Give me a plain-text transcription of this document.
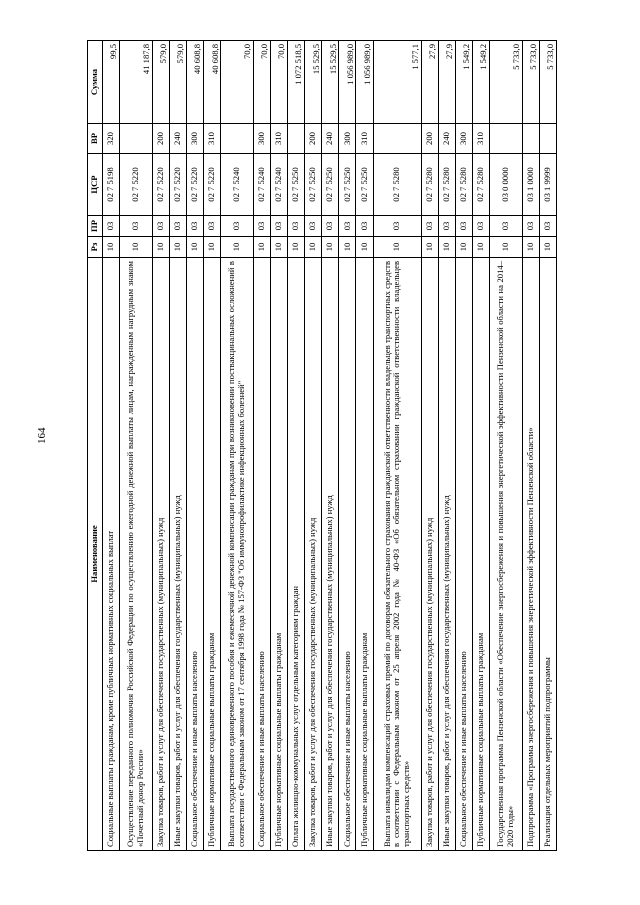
164
Наименование	Рз	ПР	ЦСР	ВР	Сумма
Социальные выплаты гражданам, кроме публичных нормативных социальных выплат	10	03	02 7 5198	320	99,5
Осуществление переданного полномочия Российской Федерации по осуществлению ежегодной денежной выплаты лицам, награжденным нагрудным знаком «Почетный донор России»	10	03	02 7 5220		41 187,8
Закупка товаров, работ и услуг для обеспечения государственных (муниципальных) нужд	10	03	02 7 5220	200	579,0
Иные закупки товаров, работ и услуг для обеспечения государственных (муниципальных) нужд	10	03	02 7 5220	240	579,0
Социальное обеспечение и иные выплаты населению	10	03	02 7 5220	300	40 608,8
Публичные нормативные социальные выплаты гражданам	10	03	02 7 5220	310	40 608,8
Выплата государственного единовременного пособия и ежемесячной денежной компенсации гражданам при возникновении поствакцинальных осложнений в соответствии с Федеральным законом от 17 сентября 1998 года № 157-ФЗ "Об иммунопрофилактике инфекционных болезней"	10	03	02 7 5240		70,0
Социальное обеспечение и иные выплаты населению	10	03	02 7 5240	300	70,0
Публичные нормативные социальные выплаты гражданам	10	03	02 7 5240	310	70,0
Оплата жилищно-коммунальных услуг отдельным категориям граждан	10	03	02 7 5250		1 072 518,5
Закупка товаров, работ и услуг для обеспечения государственных (муниципальных) нужд	10	03	02 7 5250	200	15 529,5
Иные закупки товаров, работ и услуг для обеспечения государственных (муниципальных) нужд	10	03	02 7 5250	240	15 529,5
Социальное обеспечение и иные выплаты населению	10	03	02 7 5250	300	1 056 989,0
Публичные нормативные социальные выплаты гражданам	10	03	02 7 5250	310	1 056 989,0
Выплата инвалидам компенсаций страховых премий по договорам обязательного страхования гражданской ответственности владельцев транспортных средств в соответствии с Федеральным законом от 25 апреля 2002 года № 40-ФЗ «Об обязательном страховании гражданской ответственности владельцев транспортных средств»	10	03	02 7 5280		1 577,1
Закупка товаров, работ и услуг для обеспечения государственных (муниципальных) нужд	10	03	02 7 5280	200	27,9
Иные закупки товаров, работ и услуг для обеспечения государственных (муниципальных) нужд	10	03	02 7 5280	240	27,9
Социальное обеспечение и иные выплаты населению	10	03	02 7 5280	300	1 549,2
Публичные нормативные социальные выплаты гражданам	10	03	02 7 5280	310	1 549,2
Государственная программа Пензенской области «Обеспечение энергосбережения и повышения энергетической эффективности Пензенской области на 2014–2020 годы»	10	03	03 0 0000		5 733,0
Подпрограмма «Программа энергосбережения и повышения энергетической эффективности Пензенской области»	10	03	03 1 0000		5 733,0
Реализация отдельных мероприятий подпрограммы	10	03	03 1 9999		5 733,0
